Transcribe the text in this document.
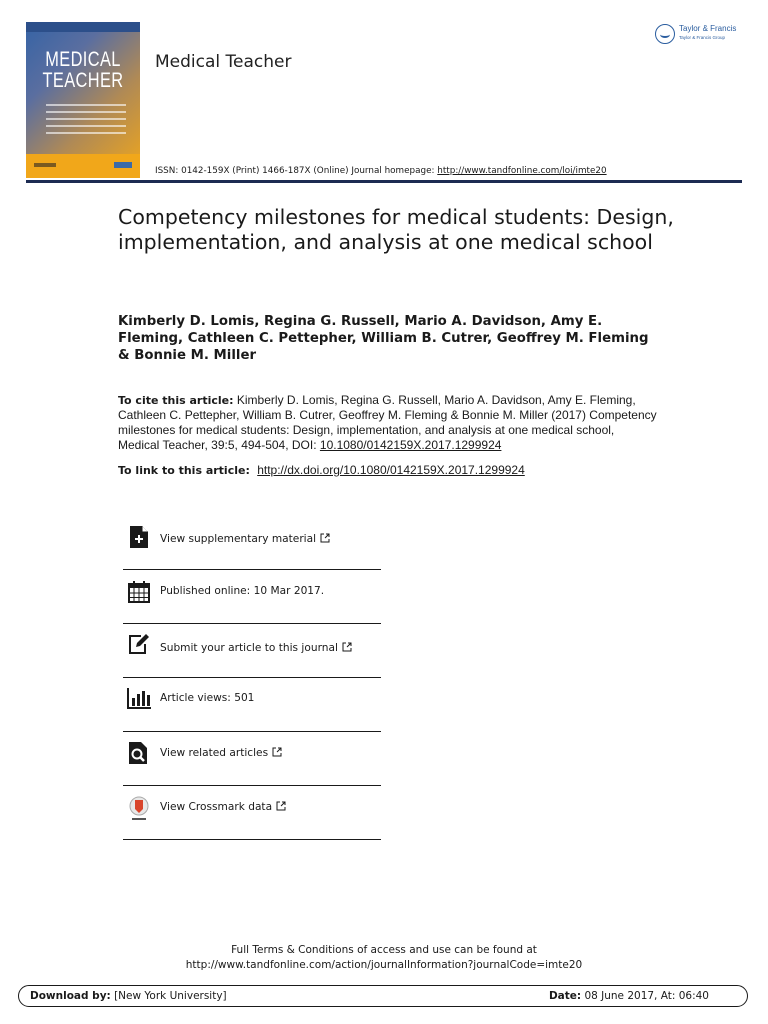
MEDICAL
TEACHER
Medical Teacher
Taylor & Francis
Taylor & Francis Group
ISSN: 0142-159X (Print) 1466-187X (Online) Journal homepage: http://www.tandfonline.com/loi/imte20
Competency milestones for medical students: Design, implementation, and analysis at one medical school
Kimberly D. Lomis, Regina G. Russell, Mario A. Davidson, Amy E. Fleming, Cathleen C. Pettepher, William B. Cutrer, Geoffrey M. Fleming & Bonnie M. Miller
To cite this article: Kimberly D. Lomis, Regina G. Russell, Mario A. Davidson, Amy E. Fleming, Cathleen C. Pettepher, William B. Cutrer, Geoffrey M. Fleming & Bonnie M. Miller (2017) Competency milestones for medical students: Design, implementation, and analysis at one medical school, Medical Teacher, 39:5, 494-504, DOI: 10.1080/0142159X.2017.1299924
To link to this article: http://dx.doi.org/10.1080/0142159X.2017.1299924
View supplementary material
Published online: 10 Mar 2017.
Submit your article to this journal
Article views: 501
View related articles
View Crossmark data
Full Terms & Conditions of access and use can be found at
http://www.tandfonline.com/action/journalInformation?journalCode=imte20
Download by: [New York University]	Date: 08 June 2017, At: 06:40
